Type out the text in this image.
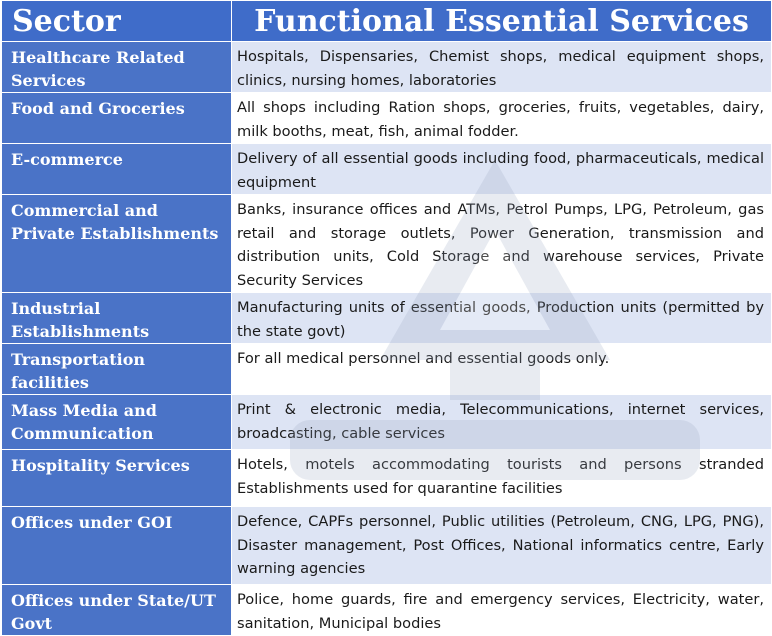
Sector	Functional Essential Services
Healthcare Related Services	Hospitals, Dispensaries, Chemist shops, medical equipment shops, clinics, nursing homes, laboratories
Food and Groceries	All shops including Ration shops, groceries, fruits, vegetables, dairy, milk booths, meat, fish, animal fodder.
E-commerce	Delivery of all essential goods including food, pharmaceuticals, medical equipment
Commercial and Private Establishments	Banks, insurance offices and ATMs, Petrol Pumps, LPG, Petroleum, gas retail and storage outlets, Power Generation, transmission and distribution units, Cold Storage and warehouse services, Private Security Services
Industrial Establishments	Manufacturing units of essential goods, Production units (permitted by the state govt)
Transportation facilities	For all medical personnel and essential goods only.
Mass Media and Communication	Print & electronic media, Telecommunications, internet services, broadcasting, cable services
Hospitality Services	Hotels, motels accommodating tourists and persons stranded Establishments used for quarantine facilities
Offices under GOI	Defence, CAPFs personnel, Public utilities (Petroleum, CNG, LPG, PNG), Disaster management, Post Offices, National informatics centre, Early warning agencies
Offices under State/UT Govt	Police, home guards, fire and emergency services, Electricity, water, sanitation, Municipal bodies
